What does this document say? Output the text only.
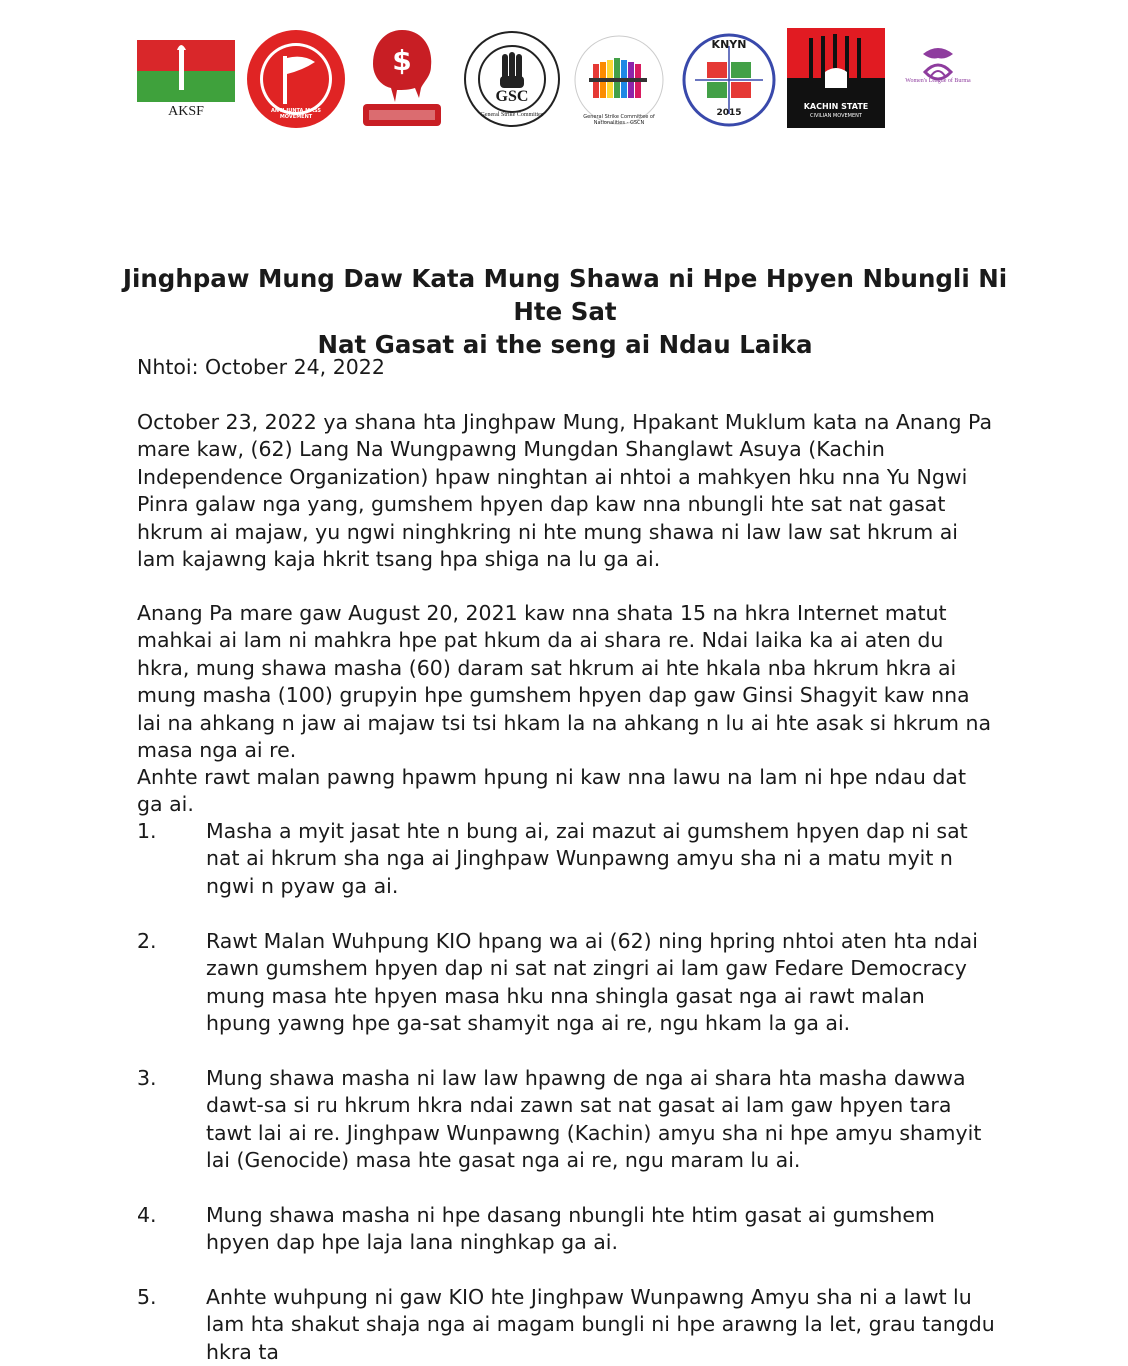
AKSF	ANTI-JUNTA MASS MOVEMENT
$
GSC
General Strike Committee	General Strike Committee of Nationalities - GSCN
KNYN
2015
KACHIN STATE
CIVILIAN MOVEMENT
Women's League of Burma
Jinghpaw Mung Daw Kata Mung Shawa ni Hpe Hpyen Nbungli Ni Hte Sat
Nat Gasat ai the seng ai Ndau Laika

Nhtoi: October 24, 2022

October 23, 2022 ya shana hta Jinghpaw Mung, Hpakant Muklum kata na Anang Pa mare kaw, (62) Lang Na Wungpawng Mungdan Shanglawt Asuya (Kachin Independence Organization) hpaw ninghtan ai nhtoi a mahkyen hku nna Yu Ngwi Pinra galaw nga yang, gumshem hpyen dap kaw nna nbungli hte sat nat gasat hkrum ai majaw, yu ngwi ninghkring ni hte mung shawa ni law law sat hkrum ai lam kajawng kaja hkrit tsang hpa shiga na lu ga ai.

Anang Pa mare gaw August 20, 2021 kaw nna shata 15 na hkra Internet matut mahkai ai lam ni mahkra hpe pat hkum da ai shara re. Ndai laika ka ai aten du hkra, mung shawa masha (60) daram sat hkrum ai hte hkala nba hkrum hkra ai mung masha (100) grupyin hpe gumshem hpyen dap gaw Ginsi Shagyit kaw nna lai na ahkang n jaw ai majaw tsi tsi hkam la na ahkang n lu ai hte asak si hkrum na masa nga ai re.

Anhte rawt malan pawng hpawm hpung ni kaw nna lawu na lam ni hpe ndau dat ga ai.

1. Masha a myit jasat hte n bung ai, zai mazut ai gumshem hpyen dap ni sat nat ai hkrum sha nga ai Jinghpaw Wunpawng amyu sha ni a matu myit n ngwi n pyaw ga ai.
2. Rawt Malan Wuhpung KIO hpang wa ai (62) ning hpring nhtoi aten hta ndai zawn gumshem hpyen dap ni sat nat zingri ai lam gaw Fedare Democracy mung masa hte hpyen masa hku nna shingla gasat nga ai rawt malan hpung yawng hpe ga-sat shamyit nga ai re, ngu hkam la ga ai.
3. Mung shawa masha ni law law hpawng de nga ai shara hta masha dawwa dawt-sa si ru hkrum hkra ndai zawn sat nat gasat ai lam gaw hpyen tara tawt lai ai re. Jinghpaw Wunpawng (Kachin) amyu sha ni hpe amyu shamyit lai (Genocide) masa hte gasat nga ai re, ngu maram lu ai.
4. Mung shawa masha ni hpe dasang nbungli hte htim gasat ai gumshem hpyen dap hpe laja lana ninghkap ga ai.
5. Anhte wuhpung ni gaw KIO hte Jinghpaw Wunpawng Amyu sha ni a lawt lu lam hta shakut shaja nga ai magam bungli ni hpe arawng la let, grau tangdu hkra ta
